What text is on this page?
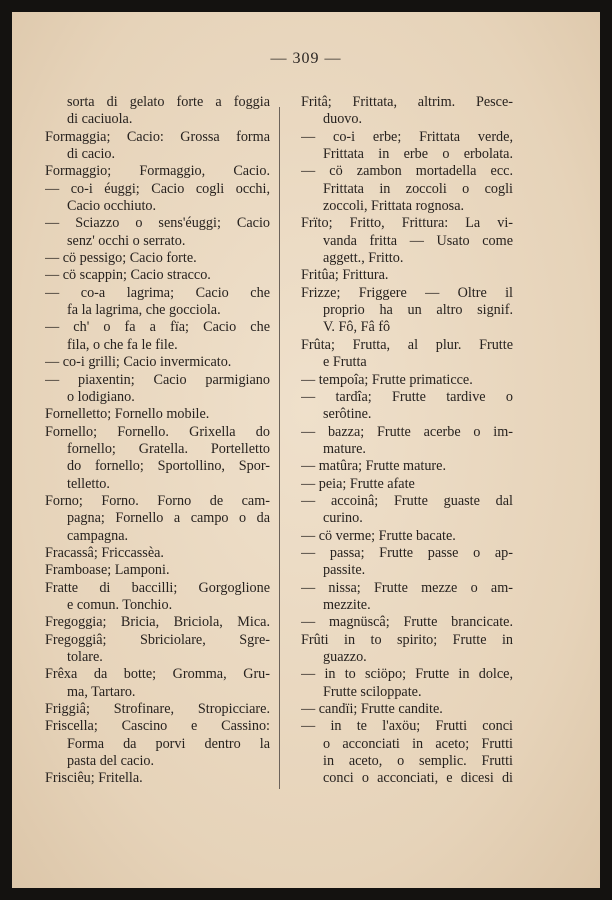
— 309 —
sorta di gelato forte a foggia
di caciuola.
Formaggia; Cacio: Grossa forma
di cacio.
Formaggio; Formaggio, Cacio.
— co-i éuggi; Cacio cogli occhi,
Cacio occhiuto.
— Sciazzo o sens'éuggi; Cacio
senz' occhi o serrato.
— cö pessigo; Cacio forte.
— cö scappin; Cacio stracco.
— co-a lagrima; Cacio che
fa la lagrima, che gocciola.
— ch' o fa a fïa; Cacio che
fila, o che fa le file.
— co-i grilli; Cacio invermicato.
— piaxentin; Cacio parmigiano
o lodigiano.
Fornelletto; Fornello mobile.
Fornello; Fornello. Grixella do
fornello; Gratella. Portelletto
do fornello; Sportollino, Spor-
telletto.
Forno; Forno. Forno de cam-
pagna; Fornello a campo o da
campagna.
Fracassâ; Friccassèa.
Framboase; Lamponi.
Fratte di baccilli; Gorgoglione
e comun. Tonchio.
Fregoggia; Bricia, Briciola, Mica.
Fregoggiâ; Sbriciolare, Sgre-
tolare.
Frêxa da botte; Gromma, Gru-
ma, Tartaro.
Friggiâ; Strofinare, Stropicciare.
Friscella; Cascino e Cassino:
Forma da porvi dentro la
pasta del cacio.
Frisciêu; Fritella.
Fritâ; Frittata, altrim. Pesce-
duovo.
— co-i erbe; Frittata verde,
Frittata in erbe o erbolata.
— cö zambon mortadella ecc.
Frittata in zoccoli o cogli
zoccoli, Frittata rognosa.
Frïto; Fritto, Frittura: La vi-
vanda fritta — Usato come
aggett., Fritto.
Fritûa; Frittura.
Frizze; Friggere — Oltre il
proprio ha un altro signif.
V. Fô, Fâ fô
Frûta; Frutta, al plur. Frutte
e Frutta
— tempoîa; Frutte primaticce.
— tardîa; Frutte tardive o
serôtine.
— bazza; Frutte acerbe o im-
mature.
— matûra; Frutte mature.
— peia; Frutte afate
— accoinâ; Frutte guaste dal
curino.
— cö verme; Frutte bacate.
— passa; Frutte passe o ap-
passite.
— nissa; Frutte mezze o am-
mezzite.
— magnüscâ; Frutte brancicate.
Frûti in to spirito; Frutte in
guazzo.
— in to sciöpo; Frutte in dolce,
Frutte sciloppate.
— candïi; Frutte candite.
— in te l'axöu; Frutti conci
o acconciati in aceto; Frutti
in aceto, o semplic. Frutti
conci o acconciati, e dicesi di
